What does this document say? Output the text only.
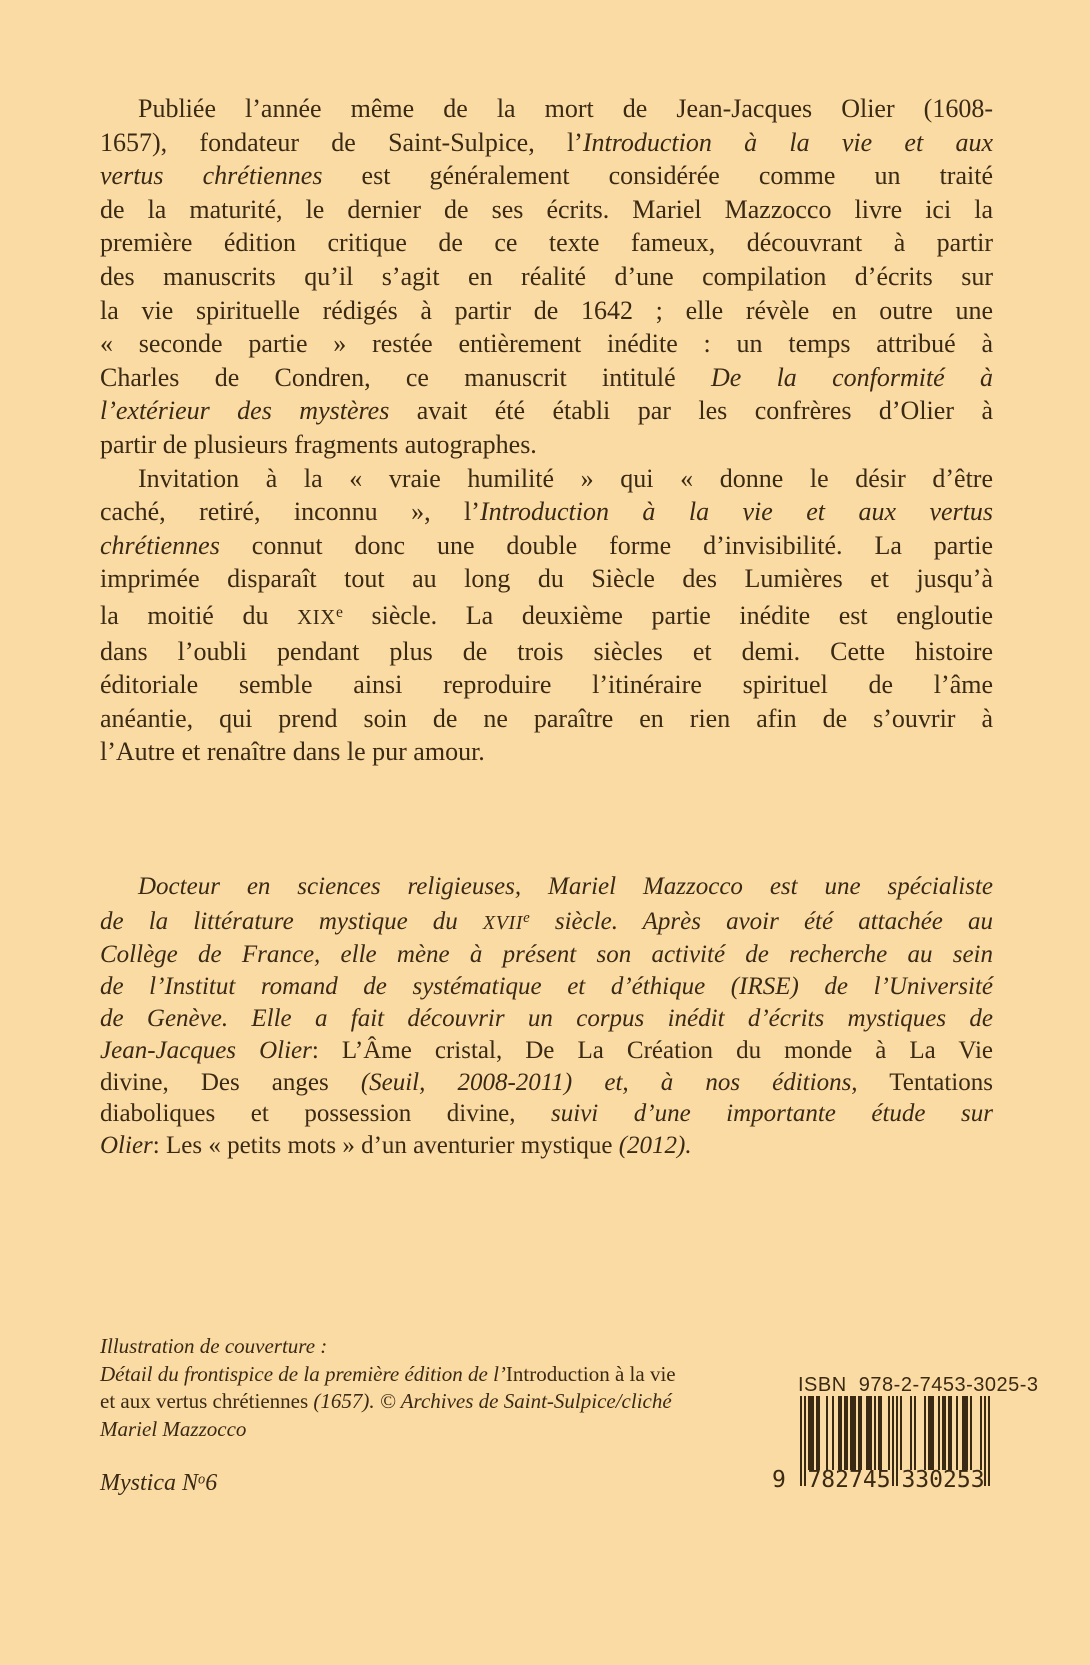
Publiée l’année même de la mort de Jean-Jacques Olier (1608-
1657), fondateur de Saint-Sulpice, l’Introduction à la vie et aux
vertus chrétiennes est généralement considérée comme un traité
de la maturité, le dernier de ses écrits. Mariel Mazzocco livre ici la
première édition critique de ce texte fameux, découvrant à partir
des manuscrits qu’il s’agit en réalité d’une compilation d’écrits sur
la vie spirituelle rédigés à partir de 1642 ; elle révèle en outre une
« seconde partie » restée entièrement inédite : un temps attribué à
Charles de Condren, ce manuscrit intitulé De la conformité à
l’extérieur des mystères avait été établi par les confrères d’Olier à
partir de plusieurs fragments autographes.
Invitation à la « vraie humilité » qui « donne le désir d’être
caché, retiré, inconnu », l’Introduction à la vie et aux vertus
chrétiennes connut donc une double forme d’invisibilité. La partie
imprimée disparaît tout au long du Siècle des Lumières et jusqu’à
la moitié du XIXe siècle. La deuxième partie inédite est engloutie
dans l’oubli pendant plus de trois siècles et demi. Cette histoire
éditoriale semble ainsi reproduire l’itinéraire spirituel de l’âme
anéantie, qui prend soin de ne paraître en rien afin de s’ouvrir à
l’Autre et renaître dans le pur amour.
Docteur en sciences religieuses, Mariel Mazzocco est une spécialiste
de la littérature mystique du XVIIe siècle. Après avoir été attachée au
Collège de France, elle mène à présent son activité de recherche au sein
de l’Institut romand de systématique et d’éthique (IRSE) de l’Université
de Genève. Elle a fait découvrir un corpus inédit d’écrits mystiques de
Jean-Jacques Olier: L’Âme cristal, De La Création du monde à La Vie
divine, Des anges (Seuil, 2008-2011) et, à nos éditions, Tentations
diaboliques et possession divine, suivi d’une importante étude sur
Olier: Les « petits mots » d’un aventurier mystique (2012).
Illustration de couverture :
Détail du frontispice de la première édition de l’Introduction à la vie
et aux vertus chrétiennes (1657). © Archives de Saint-Sulpice/cliché
Mariel Mazzocco
Mystica $N^o6$
ISBN  978-2-7453-3025-3
9 782745 330253
